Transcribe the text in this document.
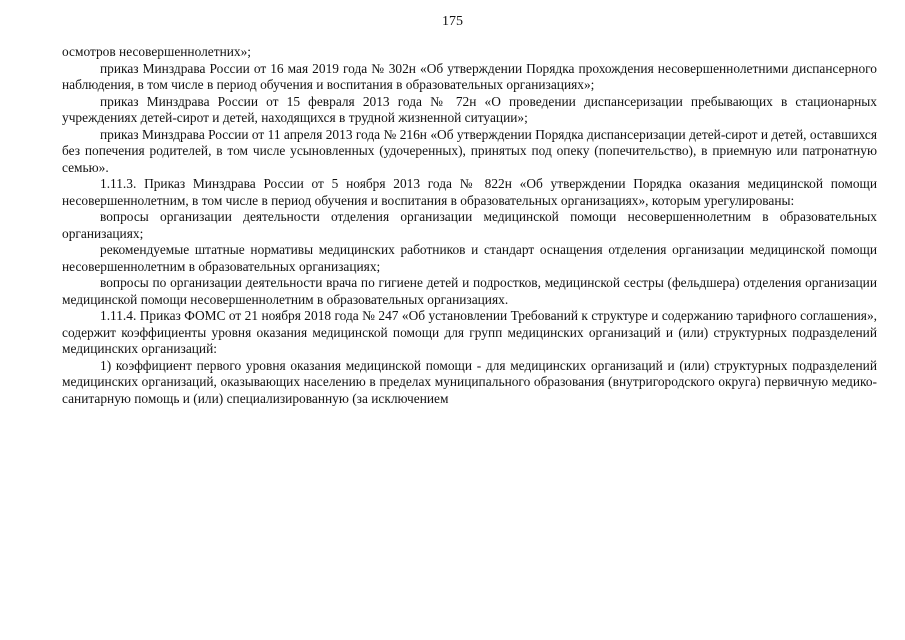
175

осмотров несовершеннолетних»;

приказ Минздрава России от 16 мая 2019 года № 302н «Об утверждении Порядка прохождения несовершеннолетними диспансерного наблюдения, в том числе в период обучения и воспитания в образовательных организациях»;

приказ Минздрава России от 15 февраля 2013 года № 72н «О проведении диспансеризации пребывающих в стационарных учреждениях детей-сирот и детей, находящихся в трудной жизненной ситуации»;

приказ Минздрава России от 11 апреля 2013 года № 216н «Об утверждении Порядка диспансеризации детей-сирот и детей, оставшихся без попечения родителей, в том числе усыновленных (удочеренных), принятых под опеку (попечительство), в приемную или патронатную семью».

1.11.3. Приказ Минздрава России от 5 ноября 2013 года № 822н «Об утверждении Порядка оказания медицинской помощи несовершеннолетним, в том числе в период обучения и воспитания в образовательных организациях», которым урегулированы:

вопросы организации деятельности отделения организации медицинской помощи несовершеннолетним в образовательных организациях;

рекомендуемые штатные нормативы медицинских работников и стандарт оснащения отделения организации медицинской помощи несовершеннолетним в образовательных организациях;

вопросы по организации деятельности врача по гигиене детей и подростков, медицинской сестры (фельдшера) отделения организации медицинской помощи несовершеннолетним в образовательных организациях.

1.11.4. Приказ ФОМС от 21 ноября 2018 года № 247 «Об установлении Требований к структуре и содержанию тарифного соглашения», содержит коэффициенты уровня оказания медицинской помощи для групп медицинских организаций и (или) структурных подразделений медицинских организаций:

1) коэффициент первого уровня оказания медицинской помощи - для медицинских организаций и (или) структурных подразделений медицинских организаций, оказывающих населению в пределах муниципального образования (внутригородского округа) первичную медико-санитарную помощь и (или) специализированную (за исключением
